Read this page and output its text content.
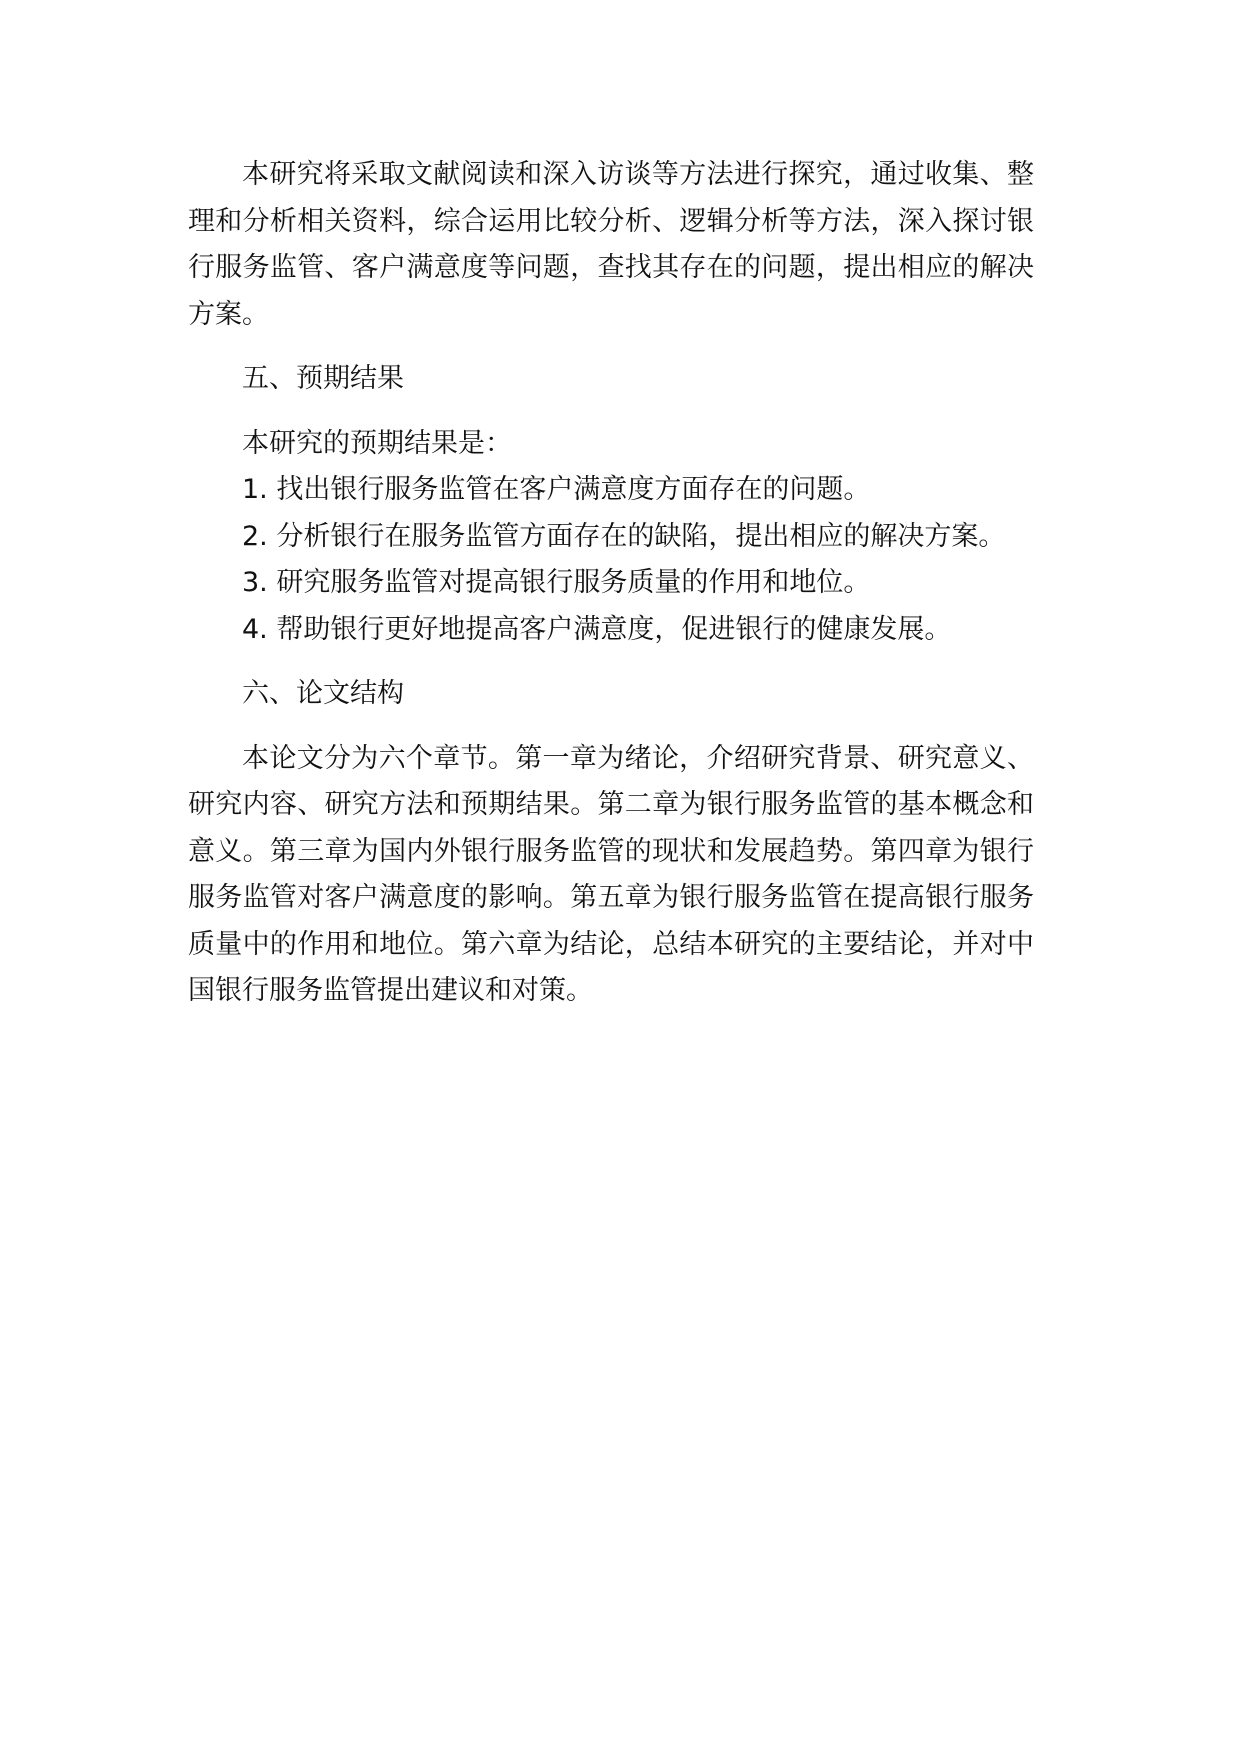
本研究将采取文献阅读和深入访谈等方法进行探究，通过收集、整理和分析相关资料，综合运用比较分析、逻辑分析等方法，深入探讨银行服务监管、客户满意度等问题，查找其存在的问题，提出相应的解决方案。

五、预期结果

本研究的预期结果是：

1. 找出银行服务监管在客户满意度方面存在的问题。

2. 分析银行在服务监管方面存在的缺陷，提出相应的解决方案。

3. 研究服务监管对提高银行服务质量的作用和地位。

4. 帮助银行更好地提高客户满意度，促进银行的健康发展。

六、论文结构

本论文分为六个章节。第一章为绪论，介绍研究背景、研究意义、研究内容、研究方法和预期结果。第二章为银行服务监管的基本概念和意义。第三章为国内外银行服务监管的现状和发展趋势。第四章为银行服务监管对客户满意度的影响。第五章为银行服务监管在提高银行服务质量中的作用和地位。第六章为结论，总结本研究的主要结论，并对中国银行服务监管提出建议和对策。
